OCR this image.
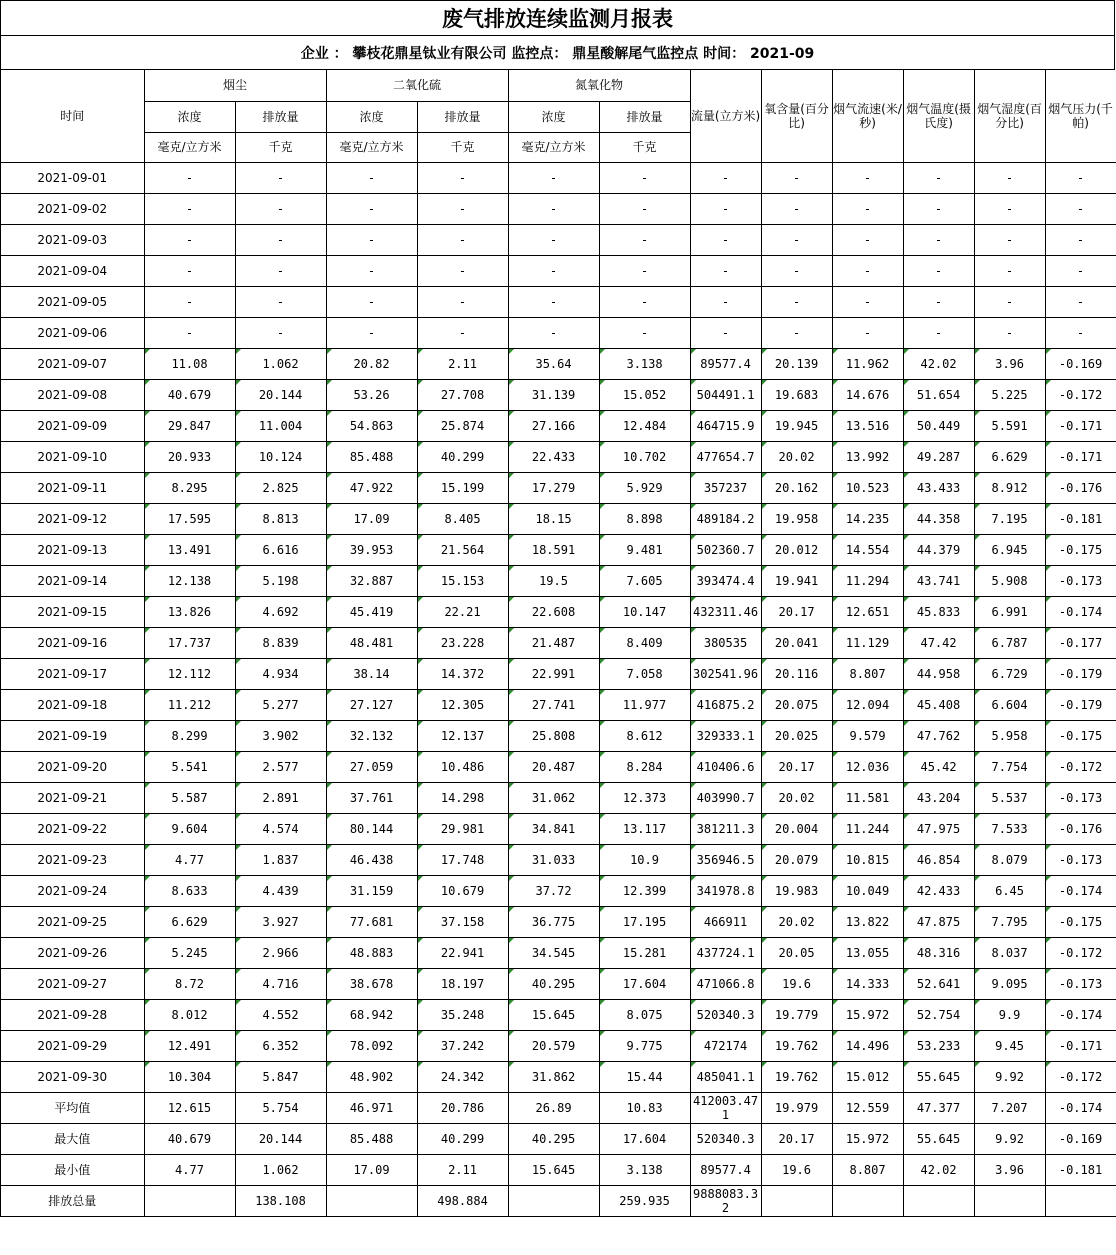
废气排放连续监测月报表
企业 ： 攀枝花鼎星钛业有限公司 监控点： 鼎星酸解尾气监控点 时间： 2021-09
时间	烟尘		二氧化硫		氮氧化物		流量(立方米)	氧含量(百分比)	烟气流速(米/秒)	烟气温度(摄氏度)	烟气湿度(百分比)	烟气压力(千帕)
	浓度	排放量	浓度	排放量	浓度	排放量						
	毫克/立方米	千克	毫克/立方米	千克	毫克/立方米	千克						
2021-09-01	-	-	-	-	-	-	-	-	-	-	-	-
2021-09-02	-	-	-	-	-	-	-	-	-	-	-	-
2021-09-03	-	-	-	-	-	-	-	-	-	-	-	-
2021-09-04	-	-	-	-	-	-	-	-	-	-	-	-
2021-09-05	-	-	-	-	-	-	-	-	-	-	-	-
2021-09-06	-	-	-	-	-	-	-	-	-	-	-	-
2021-09-07	11.08	1.062	20.82	2.11	35.64	3.138	89577.4	20.139	11.962	42.02	3.96	-0.169
2021-09-08	40.679	20.144	53.26	27.708	31.139	15.052	504491.1	19.683	14.676	51.654	5.225	-0.172
2021-09-09	29.847	11.004	54.863	25.874	27.166	12.484	464715.9	19.945	13.516	50.449	5.591	-0.171
2021-09-10	20.933	10.124	85.488	40.299	22.433	10.702	477654.7	20.02	13.992	49.287	6.629	-0.171
2021-09-11	8.295	2.825	47.922	15.199	17.279	5.929	357237	20.162	10.523	43.433	8.912	-0.176
2021-09-12	17.595	8.813	17.09	8.405	18.15	8.898	489184.2	19.958	14.235	44.358	7.195	-0.181
2021-09-13	13.491	6.616	39.953	21.564	18.591	9.481	502360.7	20.012	14.554	44.379	6.945	-0.175
2021-09-14	12.138	5.198	32.887	15.153	19.5	7.605	393474.4	19.941	11.294	43.741	5.908	-0.173
2021-09-15	13.826	4.692	45.419	22.21	22.608	10.147	432311.46	20.17	12.651	45.833	6.991	-0.174
2021-09-16	17.737	8.839	48.481	23.228	21.487	8.409	380535	20.041	11.129	47.42	6.787	-0.177
2021-09-17	12.112	4.934	38.14	14.372	22.991	7.058	302541.96	20.116	8.807	44.958	6.729	-0.179
2021-09-18	11.212	5.277	27.127	12.305	27.741	11.977	416875.2	20.075	12.094	45.408	6.604	-0.179
2021-09-19	8.299	3.902	32.132	12.137	25.808	8.612	329333.1	20.025	9.579	47.762	5.958	-0.175
2021-09-20	5.541	2.577	27.059	10.486	20.487	8.284	410406.6	20.17	12.036	45.42	7.754	-0.172
2021-09-21	5.587	2.891	37.761	14.298	31.062	12.373	403990.7	20.02	11.581	43.204	5.537	-0.173
2021-09-22	9.604	4.574	80.144	29.981	34.841	13.117	381211.3	20.004	11.244	47.975	7.533	-0.176
2021-09-23	4.77	1.837	46.438	17.748	31.033	10.9	356946.5	20.079	10.815	46.854	8.079	-0.173
2021-09-24	8.633	4.439	31.159	10.679	37.72	12.399	341978.8	19.983	10.049	42.433	6.45	-0.174
2021-09-25	6.629	3.927	77.681	37.158	36.775	17.195	466911	20.02	13.822	47.875	7.795	-0.175
2021-09-26	5.245	2.966	48.883	22.941	34.545	15.281	437724.1	20.05	13.055	48.316	8.037	-0.172
2021-09-27	8.72	4.716	38.678	18.197	40.295	17.604	471066.8	19.6	14.333	52.641	9.095	-0.173
2021-09-28	8.012	4.552	68.942	35.248	15.645	8.075	520340.3	19.779	15.972	52.754	9.9	-0.174
2021-09-29	12.491	6.352	78.092	37.242	20.579	9.775	472174	19.762	14.496	53.233	9.45	-0.171
2021-09-30	10.304	5.847	48.902	24.342	31.862	15.44	485041.1	19.762	15.012	55.645	9.92	-0.172
平均值	12.615	5.754	46.971	20.786	26.89	10.83	412003.471	19.979	12.559	47.377	7.207	-0.174
最大值	40.679	20.144	85.488	40.299	40.295	17.604	520340.3	20.17	15.972	55.645	9.92	-0.169
最小值	4.77	1.062	17.09	2.11	15.645	3.138	89577.4	19.6	8.807	42.02	3.96	-0.181
排放总量		138.108		498.884		259.935	9888083.32					
